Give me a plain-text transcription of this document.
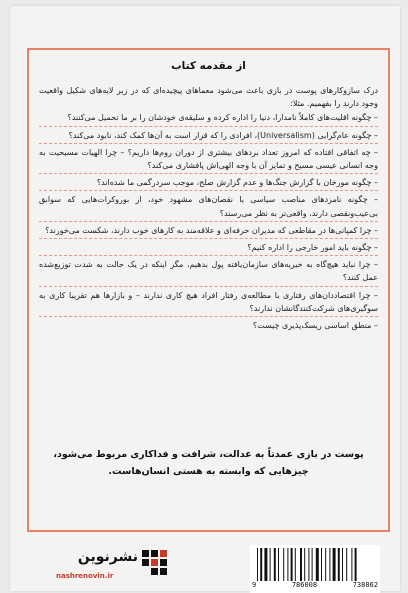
از مقدمه کتاب

درک سازوکارهای پوست در بازی باعث می‌شود معماهای پیچیده‌ای که در زیر لایه‌های شکیل واقعیت وجود دارند را بفهمیم. مثلا:

– چگونه اقلیت‌های کاملاً نامدارا، دنیا را اداره کرده و سلیقه‌ی خودشان را بر ما تحمیل می‌کنند؟

– چگونه عام‌گرایی (Universalism)، افرادی را که قرار است به آن‌ها کمک کند، نابود می‌کند؟

– چه اتفاقی افتاده که امروز تعداد بردهای بیشتری از دوران روم‌ها داریم؟ – چرا الهیات مسیحیت به وجه انسانی عیسی مسیح و تمایز آن با وجه الهی‌اش پافشاری می‌کند؟

– چگونه مورخان با گزارش جنگ‌ها و عدم گزارش صلح، موجب سردرگمی ما شده‌اند؟

– چگونه نامزدهای مناصب سیاسی با نقصان‌های مشهود خود، از بوروکرات‌هایی که سوابق بی‌عیب‌ونقصی دارند، واقعی‌تر به نظر می‌رسند؟

– چرا کمپانی‌ها در مقاطعی که مدیران حرفه‌ای و علاقه‌مند به کارهای خوب دارند، شکست می‌خورند؟

– چگونه باید امور خارجی را اداره کنیم؟

– چرا نباید هیچ‌گاه به خیریه‌های سازمان‌یافته پول بدهیم، مگر اینکه در یک حالت به شدت توزیع‌شده عمل کنند؟

– چرا اقتصاددان‌های رفتاری با مطالعه‌ی رفتار افراد هیچ کاری ندارند – و بازارها هم تقریبا کاری به سوگیری‌های شرکت‌کنندگانشان ندارند؟

– منطق اساسی ریسک‌پذیری چیست؟

پوست در بازی عمدتاً به عدالت، شرافت و فداکاری مربوط می‌شود، چیزهایی که وابسته به هستی انسان‌هاست.
نشرنوین
nashrenovin.ir
9	786008	738862
